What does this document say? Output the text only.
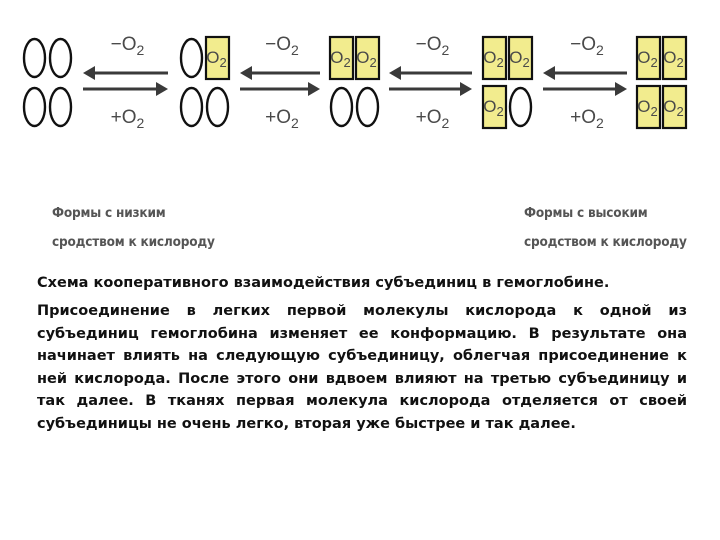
$O_2$	$O_2$ $O_2$	$O_2$ $O_2$
$O_2$
$O_2$ $O_2$
$O_2$ $O_2$
$-O_2$
$+O_2$
$-O_2$
$+O_2$
$-O_2$
$+O_2$
$-O_2$
$+O_2$
Формы с низким
сродством к кислороду
Формы с высоким
сродством к кислороду

Схема кооперативного взаимодействия субъединиц в гемоглобине.

Присоединение в легких первой молекулы кислорода к одной из субъединиц гемоглобина изменяет ее конформацию. В результате она начинает влиять на следующую субъединицу, облегчая присоединение к ней кислорода. После этого они вдвоем влияют на третью субъединицу и так далее. В тканях первая молекула кислорода отделяется от своей субъединицы не очень легко, вторая уже быстрее и так далее.
